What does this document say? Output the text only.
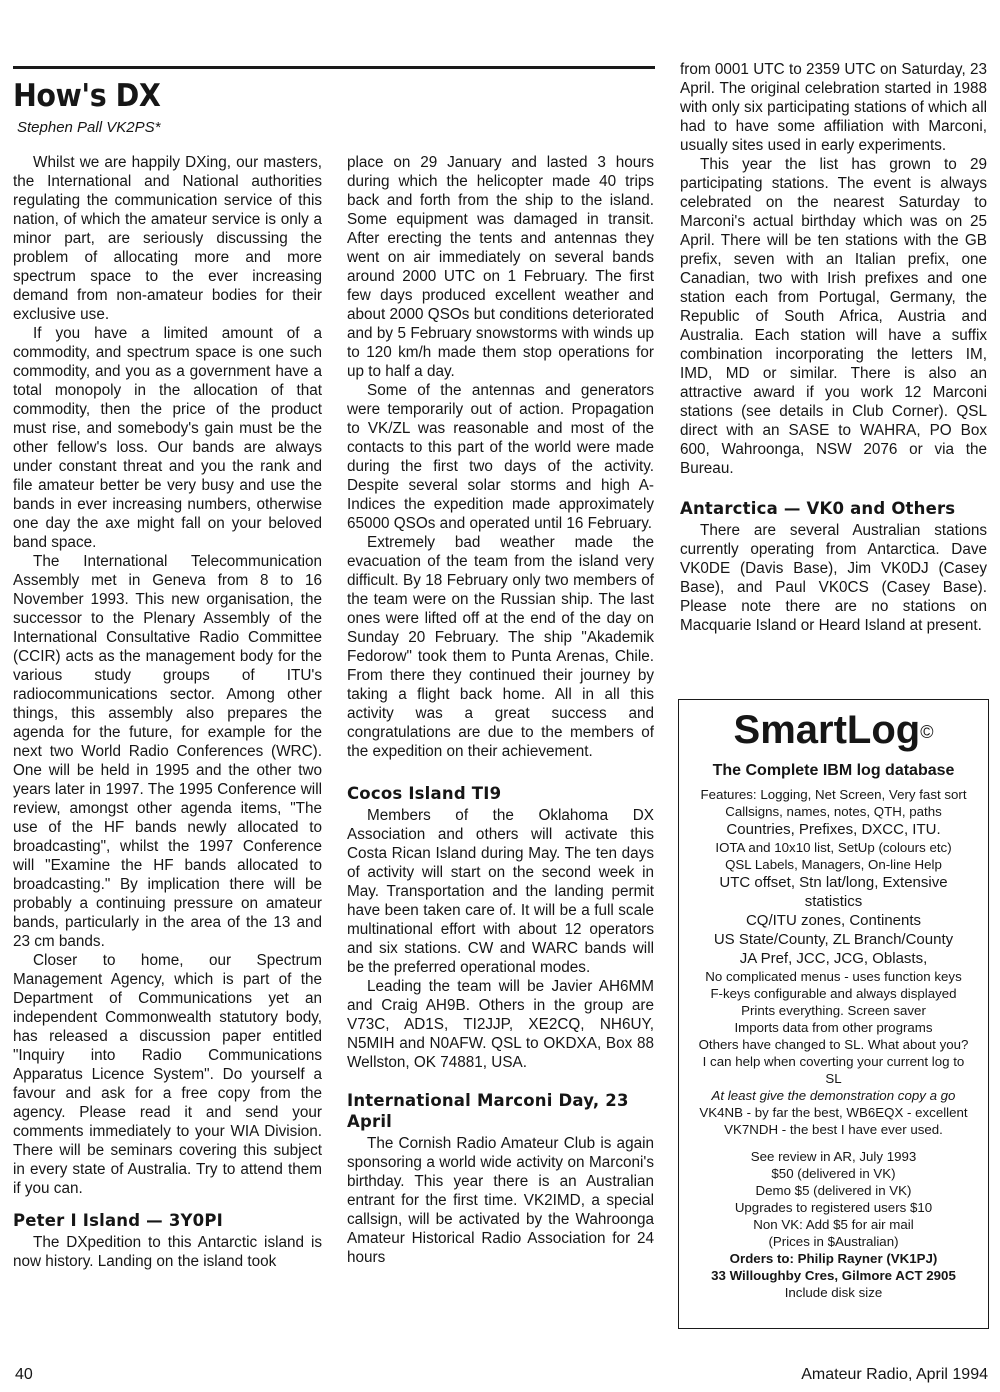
How's DX
Stephen Pall VK2PS*

Whilst we are happily DXing, our masters, the International and National authorities regulating the communication service of this nation, of which the amateur service is only a minor part, are seriously discussing the problem of allocating more and more spectrum space to the ever increasing demand from non-amateur bodies for their exclusive use.

If you have a limited amount of a commodity, and spectrum space is one such commodity, and you as a government have a total monopoly in the allocation of that commodity, then the price of the product must rise, and somebody's gain must be the other fellow's loss. Our bands are always under constant threat and you the rank and file amateur better be very busy and use the bands in ever increasing numbers, otherwise one day the axe might fall on your beloved band space.

The International Telecommunication Assembly met in Geneva from 8 to 16 November 1993. This new organisation, the successor to the Plenary Assembly of the International Consultative Radio Committee (CCIR) acts as the management body for the various study groups of ITU's radiocommunications sector. Among other things, this assembly also prepares the agenda for the future, for example for the next two World Radio Conferences (WRC). One will be held in 1995 and the other two years later in 1997. The 1995 Conference will review, amongst other agenda items, "The use of the HF bands newly allocated to broadcasting", whilst the 1997 Conference will "Examine the HF bands allocated to broadcasting." By implication there will be probably a continuing pressure on amateur bands, particularly in the area of the 13 and 23 cm bands.

Closer to home, our Spectrum Management Agency, which is part of the Department of Communications yet an independent Commonwealth statutory body, has released a discussion paper entitled "Inquiry into Radio Communications Apparatus Licence System". Do yourself a favour and ask for a free copy from the agency. Please read it and send your comments immediately to your WIA Division. There will be seminars covering this subject in every state of Australia. Try to attend them if you can.

Peter I Island — 3Y0PI

The DXpedition to this Antarctic island is now history. Landing on the island took

place on 29 January and lasted 3 hours during which the helicopter made 40 trips back and forth from the ship to the island. Some equipment was damaged in transit. After erecting the tents and antennas they went on air immediately on several bands around 2000 UTC on 1 February. The first few days produced excellent weather and about 2000 QSOs but conditions deteriorated and by 5 February snowstorms with winds up to 120 km/h made them stop operations for up to half a day.

Some of the antennas and generators were temporarily out of action. Propagation to VK/ZL was reasonable and most of the contacts to this part of the world were made during the first two days of the activity. Despite several solar storms and high A-Indices the expedition made approximately 65000 QSOs and operated until 16 February.

Extremely bad weather made the evacuation of the team from the island very difficult. By 18 February only two members of the team were on the Russian ship. The last ones were lifted off at the end of the day on Sunday 20 February. The ship "Akademik Fedorow" took them to Punta Arenas, Chile. From there they continued their journey by taking a flight back home. All in all this activity was a great success and congratulations are due to the members of the expedition on their achievement.

Cocos Island TI9

Members of the Oklahoma DX Association and others will activate this Costa Rican Island during May. The ten days of activity will start on the second week in May. Transportation and the landing permit have been taken care of. It will be a full scale multinational effort with about 12 operators and six stations. CW and WARC bands will be the preferred operational modes.

Leading the team will be Javier AH6MM and Craig AH9B. Others in the group are V73C, AD1S, TI2JJP, XE2CQ, NH6UY, N5MIH and N0AFW. QSL to OKDXA, Box 88 Wellston, OK 74881, USA.

International Marconi Day, 23 April

The Cornish Radio Amateur Club is again sponsoring a world wide activity on Marconi's birthday. This year there is an Australian entrant for the first time. VK2IMD, a special callsign, will be activated by the Wahroonga Amateur Historical Radio Association for 24 hours

from 0001 UTC to 2359 UTC on Saturday, 23 April. The original celebration started in 1988 with only six participating stations of which all had to have some affiliation with Marconi, usually sites used in early experiments.

This year the list has grown to 29 participating stations. The event is always celebrated on the nearest Saturday to Marconi's actual birthday which was on 25 April. There will be ten stations with the GB prefix, seven with an Italian prefix, one Canadian, two with Irish prefixes and one station each from Portugal, Germany, the Republic of South Africa, Austria and Australia. Each station will have a suffix combination incorporating the letters IM, IMD, MD or similar. There is also an attractive award if you work 12 Marconi stations (see details in Club Corner). QSL direct with an SASE to WAHRA, PO Box 600, Wahroonga, NSW 2076 or via the Bureau.

Antarctica — VK0 and Others

There are several Australian stations currently operating from Antarctica. Dave VK0DE (Davis Base), Jim VK0DJ (Casey Base), and Paul VK0CS (Casey Base). Please note there are no stations on Macquarie Island or Heard Island at present.

SmartLog©
The Complete IBM log database
Features: Logging, Net Screen, Very fast sort
Callsigns, names, notes, QTH, paths
Countries, Prefixes, DXCC, ITU.
IOTA and 10x10 list, SetUp (colours etc)
QSL Labels, Managers, On-line Help
UTC offset, Stn lat/long, Extensive
statistics
CQ/ITU zones, Continents
US State/County, ZL Branch/County
JA Pref, JCC, JCG, Oblasts,
No complicated menus - uses function keys
F-keys configurable and always displayed
Prints everything. Screen saver
Imports data from other programs
Others have changed to SL. What about you?
I can help when coverting your current log to
SL
At least give the demonstration copy a go
VK4NB - by far the best, WB6EQX - excellent
VK7NDH - the best I have ever used.
See review in AR, July 1993
$50 (delivered in VK)
Demo $5 (delivered in VK)
Upgrades to registered users $10
Non VK: Add $5 for air mail
(Prices in $Australian)
Orders to: Philip Rayner (VK1PJ)
33 Willoughby Cres, Gilmore ACT 2905
Include disk size
40	Amateur Radio, April 1994
